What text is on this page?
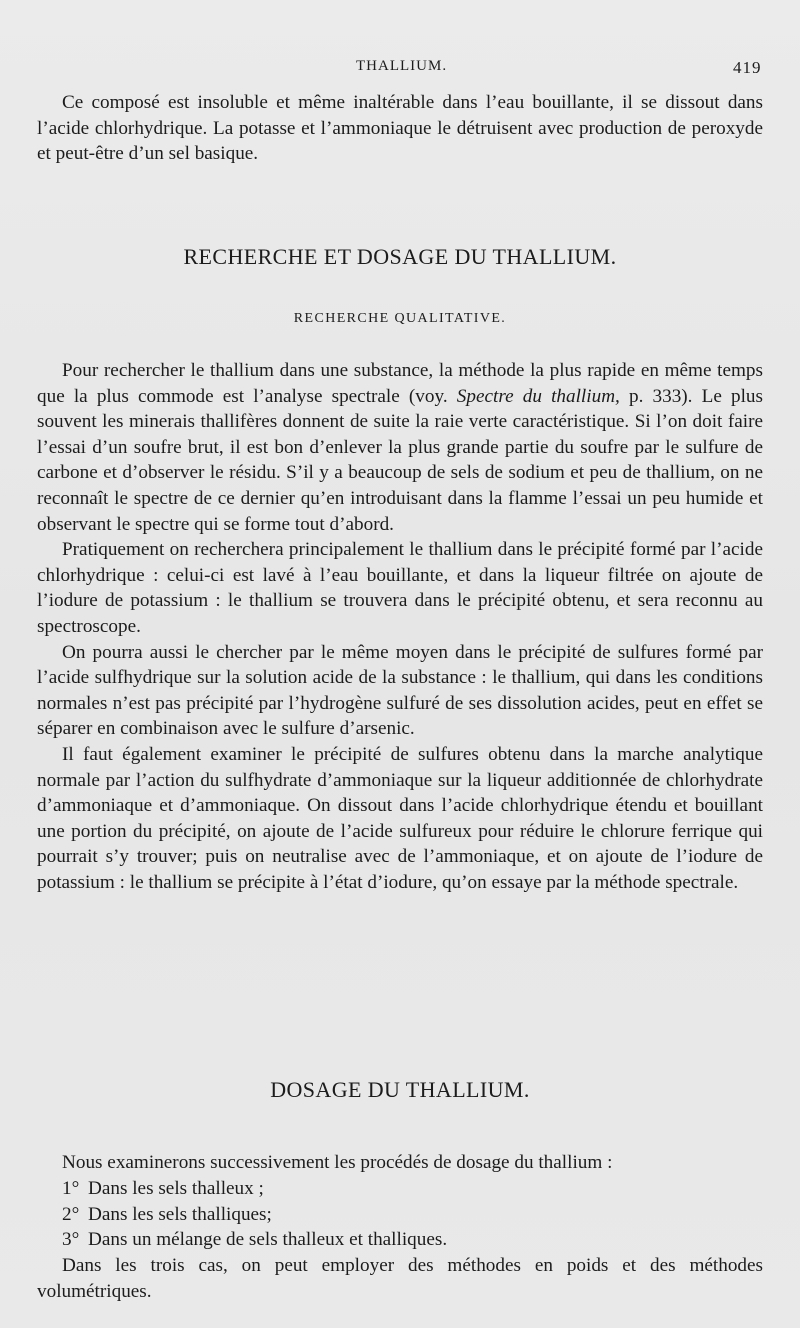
THALLIUM.	419

Ce composé est insoluble et même inaltérable dans l’eau bouillante, il se dissout dans l’acide chlorhydrique. La potasse et l’ammoniaque le détruisent avec production de peroxyde et peut-être d’un sel basique.

RECHERCHE ET DOSAGE DU THALLIUM.
RECHERCHE QUALITATIVE.

Pour rechercher le thallium dans une substance, la méthode la plus rapide en même temps que la plus commode est l’analyse spectrale (voy. Spectre du thallium, p. 333). Le plus souvent les minerais thallifères donnent de suite la raie verte caractéristique. Si l’on doit faire l’essai d’un soufre brut, il est bon d’enlever la plus grande partie du soufre par le sulfure de carbone et d’observer le résidu. S’il y a beaucoup de sels de sodium et peu de thallium, on ne reconnaît le spectre de ce dernier qu’en introduisant dans la flamme l’essai un peu humide et observant le spectre qui se forme tout d’abord.

Pratiquement on recherchera principalement le thallium dans le précipité formé par l’acide chlorhydrique : celui-ci est lavé à l’eau bouillante, et dans la liqueur filtrée on ajoute de l’iodure de potassium : le thallium se trouvera dans le précipité obtenu, et sera reconnu au spectroscope.

On pourra aussi le chercher par le même moyen dans le précipité de sulfures formé par l’acide sulfhydrique sur la solution acide de la substance : le thallium, qui dans les conditions normales n’est pas précipité par l’hydrogène sulfuré de ses dissolution acides, peut en effet se séparer en combinaison avec le sulfure d’arsenic.

Il faut également examiner le précipité de sulfures obtenu dans la marche analytique normale par l’action du sulfhydrate d’ammoniaque sur la liqueur additionnée de chlorhydrate d’ammoniaque et d’ammoniaque. On dissout dans l’acide chlorhydrique étendu et bouillant une portion du précipité, on ajoute de l’acide sulfureux pour réduire le chlorure ferrique qui pourrait s’y trouver; puis on neutralise avec de l’ammoniaque, et on ajoute de l’iodure de potassium : le thallium se précipite à l’état d’iodure, qu’on essaye par la méthode spectrale.

DOSAGE DU THALLIUM.

Nous examinerons successivement les procédés de dosage du thallium :

1° Dans les sels thalleux ;
2° Dans les sels thalliques;
3° Dans un mélange de sels thalleux et thalliques.

Dans les trois cas, on peut employer des méthodes en poids et des méthodes volumétriques.
